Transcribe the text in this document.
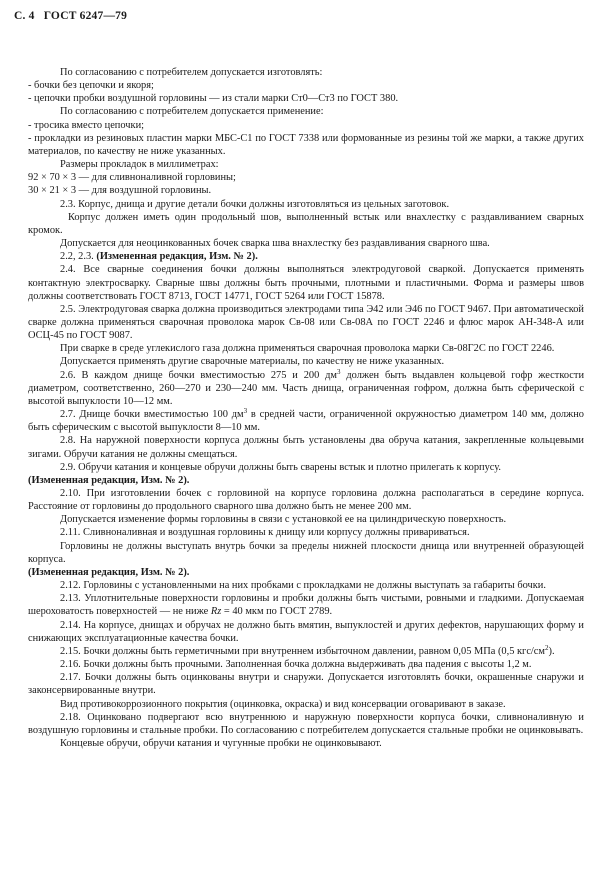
С. 4 ГОСТ 6247—79

По согласованию с потребителем допускается изготовлять:

- бочки без цепочки и якоря;

- цепочки пробки воздушной горловины — из стали марки Ст0—Ст3 по ГОСТ 380.

По согласованию с потребителем допускается применение:

- тросика вместо цепочки;

- прокладки из резиновых пластин марки МБС-С1 по ГОСТ 7338 или формованные из резины той же марки, а также других материалов, по качеству не ниже указанных.

Размеры прокладок в миллиметрах:

92 × 70 × 3 — для сливноналивной горловины;

30 × 21 × 3 — для воздушной горловины.

2.3. Корпус, днища и другие детали бочки должны изготовляться из цельных заготовок.

Корпус должен иметь один продольный шов, выполненный встык или внахлестку с раздавливанием сварных кромок.

Допускается для неоцинкованных бочек сварка шва внахлестку без раздавливания сварного шва.

2.2, 2.3. (Измененная редакция, Изм. № 2).

2.4. Все сварные соединения бочки должны выполняться электродуговой сваркой. Допускается применять контактную электросварку. Сварные швы должны быть прочными, плотными и пластичными. Форма и размеры швов должны соответствовать ГОСТ 8713, ГОСТ 14771, ГОСТ 5264 или ГОСТ 15878.

2.5. Электродуговая сварка должна производиться электродами типа Э42 или Э46 по ГОСТ 9467. При автоматической сварке должна применяться сварочная проволока марок Св-08 или Св-08А по ГОСТ 2246 и флюс марок АН-348-А или ОСЦ-45 по ГОСТ 9087.

При сварке в среде углекислого газа должна применяться сварочная проволока марки Св-08Г2С по ГОСТ 2246.

Допускается применять другие сварочные материалы, по качеству не ниже указанных.

2.6. В каждом днище бочки вместимостью 275 и 200 $дм^3$ должен быть выдавлен кольцевой гофр жесткости диаметром, соответственно, 260—270 и 230—240 мм. Часть днища, ограниченная гофром, должна быть сферической с высотой выпуклости 10—12 мм.

2.7. Днище бочки вместимостью 100 $дм^3$ в средней части, ограниченной окружностью диаметром 140 мм, должно быть сферическим с высотой выпуклости 8—10 мм.

2.8. На наружной поверхности корпуса должны быть установлены два обруча катания, закрепленные кольцевыми зигами. Обручи катания не должны смещаться.

2.9. Обручи катания и концевые обручи должны быть сварены встык и плотно прилегать к корпусу.

(Измененная редакция, Изм. № 2).

2.10. При изготовлении бочек с горловиной на корпусе горловина должна располагаться в середине корпуса. Расстояние от горловины до продольного сварного шва должно быть не менее 200 мм.

Допускается изменение формы горловины в связи с установкой ее на цилиндрическую поверхность.

2.11. Сливноналивная и воздушная горловины к днищу или корпусу должны привариваться.

Горловины не должны выступать внутрь бочки за пределы нижней плоскости днища или внутренней образующей корпуса.

(Измененная редакция, Изм. № 2).

2.12. Горловины с установленными на них пробками с прокладками не должны выступать за габариты бочки.

2.13. Уплотнительные поверхности горловины и пробки должны быть чистыми, ровными и гладкими. Допускаемая шероховатость поверхностей — не ниже Rz = 40 мкм по ГОСТ 2789.

2.14. На корпусе, днищах и обручах не должно быть вмятин, выпуклостей и других дефектов, нарушающих форму и снижающих эксплуатационные качества бочки.

2.15. Бочки должны быть герметичными при внутреннем избыточном давлении, равном 0,05 МПа (0,5 кгс/$см^2$).

2.16. Бочки должны быть прочными. Заполненная бочка должна выдерживать два падения с высоты 1,2 м.

2.17. Бочки должны быть оцинкованы внутри и снаружи. Допускается изготовлять бочки, окрашенные снаружи и законсервированные внутри.

Вид противокоррозионного покрытия (оцинковка, окраска) и вид консервации оговаривают в заказе.

2.18. Оцинковано подвергают всю внутреннюю и наружную поверхности корпуса бочки, сливноналивную и воздушную горловины и стальные пробки. По согласованию с потребителем допускается стальные пробки не оцинковывать.

Концевые обручи, обручи катания и чугунные пробки не оцинковывают.
